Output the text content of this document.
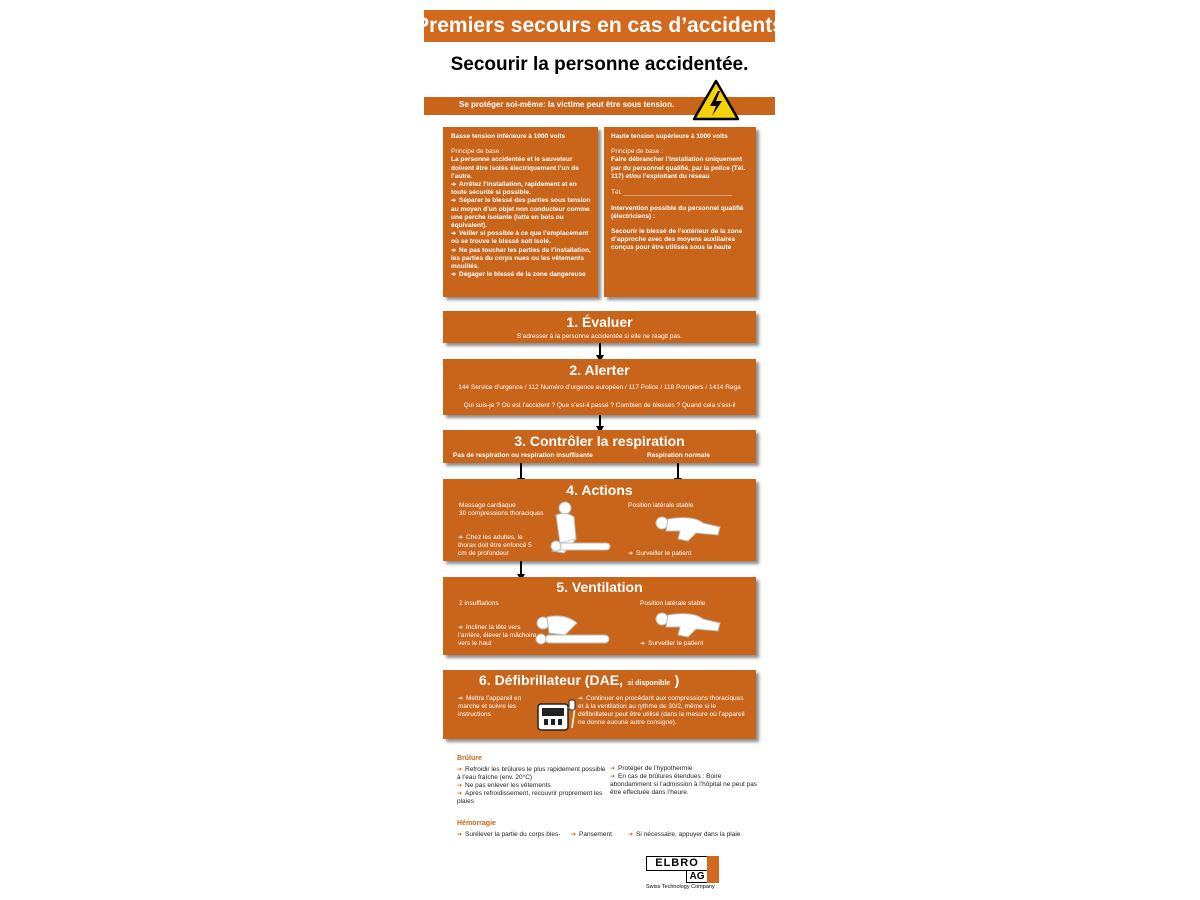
Premiers secours en cas d’accidents
Secourir la personne accidentée.
Se protéger soi-même: la victime peut être sous tension.
Basse tension inférieure à 1000 volts
Principe de base :
La personne accidentée et le sauveteur doivent être isolés électriquement l’un de l’autre.
➔ Arrêtez l’installation, rapidement et en toute sécurité si possible.
➔ Séparer le blessé des parties sous tension au moyen d’un objet non conducteur comme une perche isolante (latte en bois ou équivalent).
➔ Veiller si possible à ce que l’emplacement où se trouve le blessé soit isolé.
➔ Ne pas toucher les parties de l’installation, les parties du corps nues ou les vêtements mouillés.
➔ Dégager le blessé de la zone dangereuse
Haute tension supérieure à 1000 volts
Principe de base :
Faire débrancher l’installation uniquement par du personnel qualifié, par la police (Tél. 117) et/ou l’exploitant du réseau
Tél. ______________________________
Intervention possible du personnel qualifié (électriciens) :
Secourir le blessé de l’extérieur de la zone d’approche avec des moyens auxiliaires conçus pour être utilisés sous la haute
1. Évaluer
S’adresser à la personne accidentée si elle ne réagit pas.
2. Alerter
144 Service d’urgence / 112 Numéro d’urgence européen / 117 Police / 118 Pompiers / 1414 Rega
Qui suis-je ? Où est l’accident ? Que s’est-il passé ? Combien de blessés ? Quand cela s’est-il
3. Contrôler la respiration
Pas de respiration ou respiration insuffisante	Respiration normale
4. Actions
Massage cardiaque
30 compressions thoraciques
➔ Chez les adultes, le thorax doit être enfoncé 5 cm de profondeur
Position latérale stable
➔ Surveiller le patient
5. Ventilation
2 insufflations
➔ Incliner la tête vers l’arrière, élever la mâchoire vers le haut
Position latérale stable
➔ Surveiller le patient
6. Défibrillateur (DAE, si disponible )
➔ Mettre l’appareil en marche et suivre les instructions
➔ Continuer en procédant aux compressions thoraciques et à la ventilation au rythme de 30/2, même si le défibrillateur peut être utilisé (dans la mesure où l’appareil ne donne aucune autre consigne).
Brûlure
➔ Refroidir les brûlures le plus rapidement possible à l’eau fraîche (env. 20°C)
➔ Ne pas enlever les vêtements
➔ Après refroidissement, recouvrir proprement les plaies
➔ Protéger de l’hypothermie
➔ En cas de brûlures étendues : Boire abondamment si l’admission à l’hôpital ne peut pas être effectuée dans l’heure.
Hémorragie
➔ Surélever la partie du corps bles-	➔ Pansement	➔ Si nécessaire, appuyer dans la plaie
ELBRO
AG
Swiss Technology Company
